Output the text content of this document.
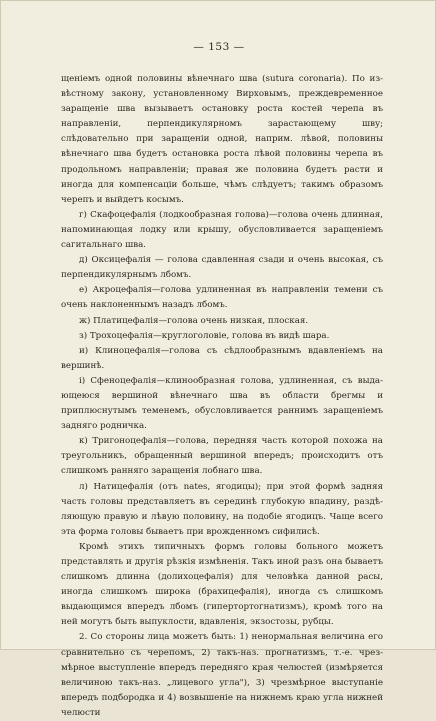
— 153 —

щеніемъ одной половины вѣнечнаго шва (sutura coronaria). По извѣстному закону, установленному Вирховымъ, преждевременное заращеніе шва вызываетъ остановку роста костей черепа въ направленіи, перпендикулярномъ зарастающему шву; слѣдовательно при заращеніи одной, наприм. лѣвой, половины вѣнечнаго шва будетъ остановка роста лѣвой половины черепа въ продольномъ направленіи; правая же половина будетъ расти и иногда для компенсаціи больше, чѣмъ слѣдуетъ; такимъ образомъ черепъ и выйдетъ косымъ.

г) Скафоцефалія (лодкообразная голова)—голова очень длинная, напоминающая лодку или крышу, обусловливается заращеніемъ сагитальнаго шва.

д) Оксицефалія — голова сдавленная сзади и очень высокая, съ перпендикулярнымъ лбомъ.

е) Акроцефалія—голова удлиненная въ направленіи темени съ очень наклоненнымъ назадъ лбомъ.

ж) Платицефалія—голова очень низкая, плоская.

з) Трохоцефалія—круглоголовіе, голова въ видѣ шара.

и) Клиноцефалія—голова съ сѣдлообразнымъ вдавленіемъ на вершинѣ.

і) Сфеноцефалія—клинообразная голова, удлиненная, съ выдающеюся вершиной вѣнечнаго шва въ области брегмы и приплюснутымъ теменемъ, обусловливается раннимъ заращеніемъ задняго родничка.

к) Тригоноцефалія—голова, передняя часть которой похожа на треугольникъ, обращенный вершиной впередъ; происходитъ отъ слишкомъ ранняго заращенія лобнаго шва.

л) Натицефалія (отъ nates, ягодицы); при этой формѣ задняя часть головы представляетъ въ серединѣ глубокую впадину, раздѣляющую правую и лѣвую половину, на подобіе ягодицъ. Чаще всего эта форма головы бываетъ при врожденномъ сифилисѣ.

Кромѣ этихъ типичныхъ формъ головы больного можетъ представлять и другія рѣзкія измѣненія. Такъ иной разъ она бываетъ слишкомъ длинна (долихоцефалія) для человѣка данной расы, иногда слишкомъ широка (брахицефалія), иногда съ слишкомъ выдающимся впередъ лбомъ (гипертортогнатизмъ), кромѣ того на ней могутъ быть выпуклости, вдавленія, экзостозы, рубцы.

2. Со стороны лица можетъ быть: 1) ненормальная величина его сравнительно съ черепомъ, 2) такъ-наз. прогнатизмъ, т.-е. чрезмѣрное выступленіе впередъ передняго края челюстей (измѣряется величиною такъ-наз. „лицевого угла"), 3) чрезмѣрное выступаніе впередъ подбородка и 4) возвышеніе на нижнемъ краю угла нижней челюсти
